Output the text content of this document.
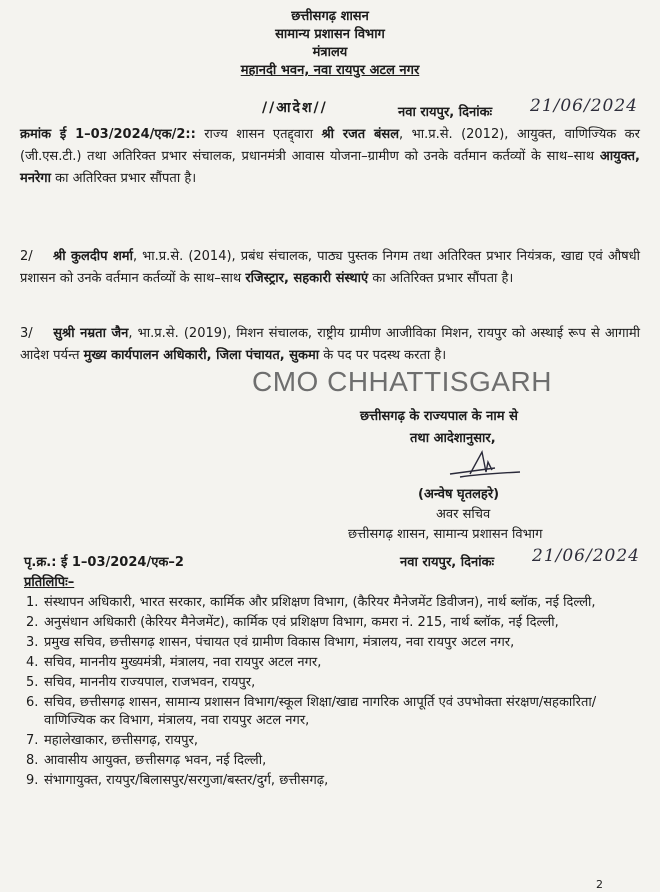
छत्तीसगढ़ शासन
सामान्य प्रशासन विभाग
मंत्रालय
महानदी भवन, नवा रायपुर अटल नगर
//आदेश//	नवा रायपुर, दिनांकः 21/06/2024
क्रमांक ई 1–03/2024/एक/2:: राज्य शासन एतद्द्वारा श्री रजत बंसल, भा.प्र.से. (2012), आयुक्त, वाणिज्यिक कर (जी.एस.टी.) तथा अतिरिक्त प्रभार संचालक, प्रधानमंत्री आवास योजना–ग्रामीण को उनके वर्तमान कर्तव्यों के साथ–साथ आयुक्त, मनरेगा का अतिरिक्त प्रभार सौंपता है।
2/ श्री कुलदीप शर्मा, भा.प्र.से. (2014), प्रबंध संचालक, पाठ्य पुस्तक निगम तथा अतिरिक्त प्रभार नियंत्रक, खाद्य एवं औषधी प्रशासन को उनके वर्तमान कर्तव्यों के साथ–साथ रजिस्ट्रार, सहकारी संस्थाएं का अतिरिक्त प्रभार सौंपता है।
3/ सुश्री नम्रता जैन, भा.प्र.से. (2019), मिशन संचालक, राष्ट्रीय ग्रामीण आजीविका मिशन, रायपुर को अस्थाई रूप से आगामी आदेश पर्यन्त मुख्य कार्यपालन अधिकारी, जिला पंचायत, सुकमा के पद पर पदस्थ करता है।
CMO CHHATTISGARH
छत्तीसगढ़ के राज्यपाल के नाम से
तथा आदेशानुसार,
(अन्वेष घृतलहरे)
अवर सचिव
छत्तीसगढ़ शासन, सामान्य प्रशासन विभाग
पृ.क्र.: ई 1–03/2024/एक–2	नवा रायपुर, दिनांकः 21/06/2024
प्रतिलिपिः–
1. संस्थापन अधिकारी, भारत सरकार, कार्मिक और प्रशिक्षण विभाग, (कैरियर मैनेजमेंट डिवीजन), नार्थ ब्लॉक, नई दिल्ली,
2. अनुसंधान अधिकारी (केरियर मैनेजमेंट), कार्मिक एवं प्रशिक्षण विभाग, कमरा नं. 215, नार्थ ब्लॉक, नई दिल्ली,
3. प्रमुख सचिव, छत्तीसगढ़ शासन, पंचायत एवं ग्रामीण विकास विभाग, मंत्रालय, नवा रायपुर अटल नगर,
4. सचिव, माननीय मुख्यमंत्री, मंत्रालय, नवा रायपुर अटल नगर,
5. सचिव, माननीय राज्यपाल, राजभवन, रायपुर,
6. सचिव, छत्तीसगढ़ शासन, सामान्य प्रशासन विभाग/स्कूल शिक्षा/खाद्य नागरिक आपूर्ति एवं उपभोक्ता संरक्षण/सहकारिता/वाणिज्यिक कर विभाग, मंत्रालय, नवा रायपुर अटल नगर,
7. महालेखाकार, छत्तीसगढ़, रायपुर,
8. आवासीय आयुक्त, छत्तीसगढ़ भवन, नई दिल्ली,
9. संभागायुक्त, रायपुर/बिलासपुर/सरगुजा/बस्तर/दुर्ग, छत्तीसगढ़,
2
